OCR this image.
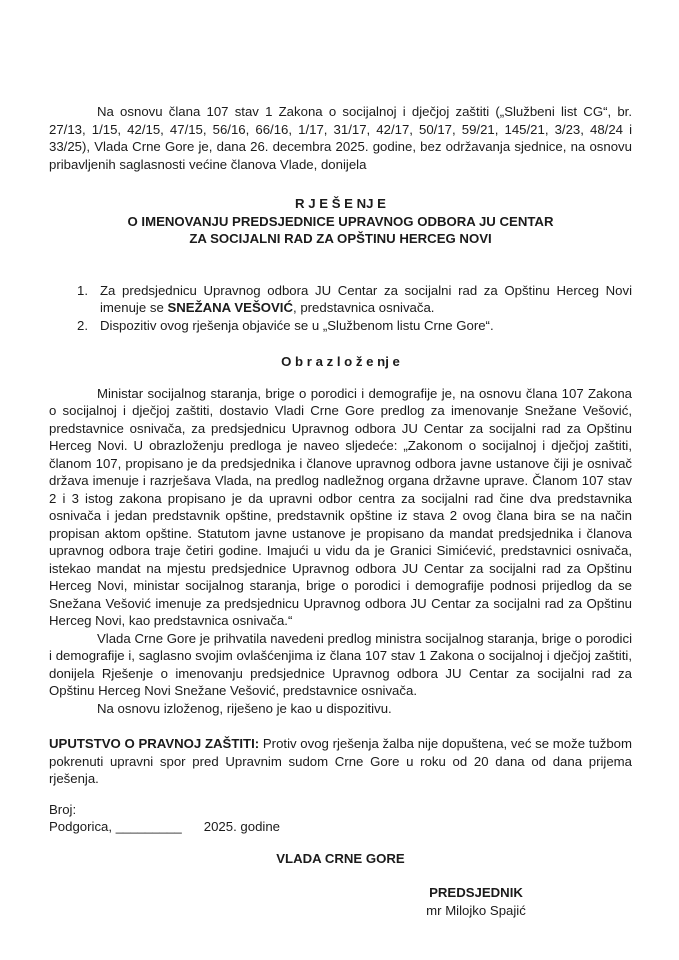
Na osnovu člana 107 stav 1 Zakona o socijalnoj i dječjoj zaštiti („Službeni list CG“, br. 27/13, 1/15, 42/15, 47/15, 56/16, 66/16, 1/17, 31/17, 42/17, 50/17, 59/21, 145/21, 3/23, 48/24 i 33/25), Vlada Crne Gore je, dana 26. decembra 2025. godine, bez održavanja sjednice, na osnovu pribavljenih saglasnosti većine članova Vlade, donijela

R J E Š E NJ E
O IMENOVANJU PREDSJEDNICE UPRAVNOG ODBORA JU CENTAR
ZA SOCIJALNI RAD ZA OPŠTINU HERCEG NOVI
1. Za predsjednicu Upravnog odbora JU Centar za socijalni rad za Opštinu Herceg Novi imenuje se SNEŽANA VEŠOVIĆ, predstavnica osnivača.
2. Dispozitiv ovog rješenja objaviće se u „Službenom listu Crne Gore“.
O b r a z l o ž e nj e

Ministar socijalnog staranja, brige o porodici i demografije je, na osnovu člana 107 Zakona o socijalnoj i dječjoj zaštiti, dostavio Vladi Crne Gore predlog za imenovanje Snežane Vešović, predstavnice osnivača, za predsjednicu Upravnog odbora JU Centar za socijalni rad za Opštinu Herceg Novi. U obrazloženju predloga je naveo sljedeće: „Zakonom o socijalnoj i dječjoj zaštiti, članom 107, propisano je da predsjednika i članove upravnog odbora javne ustanove čiji je osnivač država imenuje i razrješava Vlada, na predlog nadležnog organa državne uprave. Članom 107 stav 2 i 3 istog zakona propisano je da upravni odbor centra za socijalni rad čine dva predstavnika osnivača i jedan predstavnik opštine, predstavnik opštine iz stava 2 ovog člana bira se na način propisan aktom opštine. Statutom javne ustanove je propisano da mandat predsjednika i članova upravnog odbora traje četiri godine. Imajući u vidu da je Granici Simićević, predstavnici osnivača, istekao mandat na mjestu predsjednice Upravnog odbora JU Centar za socijalni rad za Opštinu Herceg Novi, ministar socijalnog staranja, brige o porodici i demografije podnosi prijedlog da se Snežana Vešović imenuje za predsjednicu Upravnog odbora JU Centar za socijalni rad za Opštinu Herceg Novi, kao predstavnica osnivača.“

Vlada Crne Gore je prihvatila navedeni predlog ministra socijalnog staranja, brige o porodici i demografije i, saglasno svojim ovlašćenjima iz člana 107 stav 1 Zakona o socijalnoj i dječjoj zaštiti, donijela Rješenje o imenovanju predsjednice Upravnog odbora JU Centar za socijalni rad za Opštinu Herceg Novi Snežane Vešović, predstavnice osnivača.

Na osnovu izloženog, riješeno je kao u dispozitivu.

UPUTSTVO O PRAVNOJ ZAŠTITI: Protiv ovog rješenja žalba nije dopuštena, već se može tužbom pokrenuti upravni spor pred Upravnim sudom Crne Gore u roku od 20 dana od dana prijema rješenja.

Broj:

Podgorica, _________ 2025. godine

VLADA CRNE GORE
PREDSJEDNIK
mr Milojko Spajić
